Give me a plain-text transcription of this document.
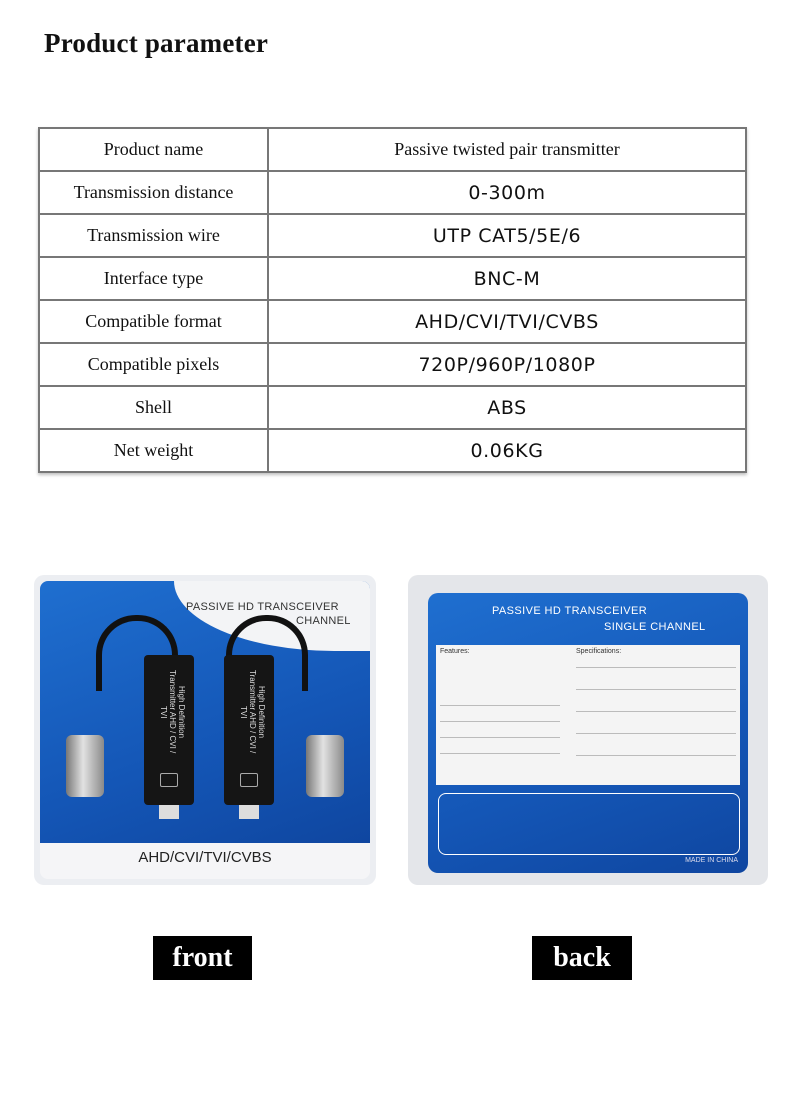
Product parameter
Product name	Passive twisted pair transmitter
Transmission distance	0-300m
Transmission wire	UTP CAT5/5E/6
Interface type	BNC-M
Compatible format	AHD/CVI/TVI/CVBS
Compatible pixels	720P/960P/1080P
Shell	ABS
Net weight	0.06KG
PASSIVE HD TRANSCEIVER
CHANNEL
High Definition Transmitter AHD / CVI / TVI	High Definition Transmitter AHD / CVI / TVI
AHD/CVI/TVI/CVBS
PASSIVE HD TRANSCEIVER
SINGLE CHANNEL
Features:	Specifications:
MADE IN CHINA
front	back
